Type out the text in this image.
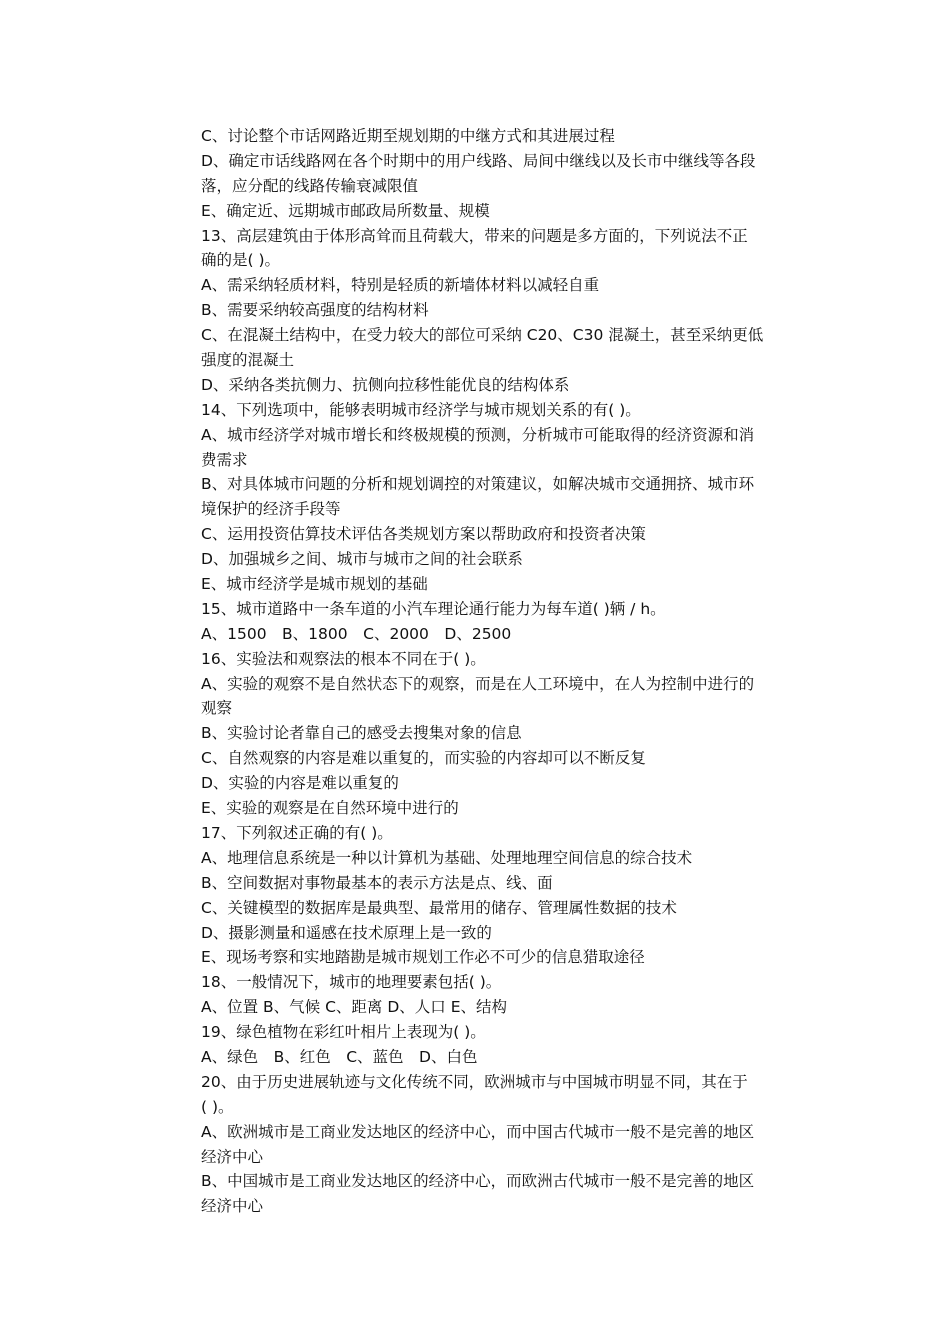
C、讨论整个市话网路近期至规划期的中继方式和其进展过程
D、确定市话线路网在各个时期中的用户线路、局间中继线以及长市中继线等各段
落，应分配的线路传输衰减限值
E、确定近、远期城市邮政局所数量、规模
13、高层建筑由于体形高耸而且荷载大，带来的问题是多方面的，下列说法不正
确的是( )。
A、需采纳轻质材料，特别是轻质的新墙体材料以减轻自重
B、需要采纳较高强度的结构材料
C、在混凝土结构中，在受力较大的部位可采纳 C20、C30 混凝土，甚至采纳更低
强度的混凝土
D、采纳各类抗侧力、抗侧向拉移性能优良的结构体系
14、下列选项中，能够表明城市经济学与城市规划关系的有( )。
A、城市经济学对城市增长和终极规模的预测，分析城市可能取得的经济资源和消
费需求
B、对具体城市问题的分析和规划调控的对策建议，如解决城市交通拥挤、城市环
境保护的经济手段等
C、运用投资估算技术评估各类规划方案以帮助政府和投资者决策
D、加强城乡之间、城市与城市之间的社会联系
E、城市经济学是城市规划的基础
15、城市道路中一条车道的小汽车理论通行能力为每车道( )辆 / h。
A、1500　B、1800　C、2000　D、2500
16、实验法和观察法的根本不同在于( )。
A、实验的观察不是自然状态下的观察，而是在人工环境中，在人为控制中进行的
观察
B、实验讨论者靠自己的感受去搜集对象的信息
C、自然观察的内容是难以重复的，而实验的内容却可以不断反复
D、实验的内容是难以重复的
E、实验的观察是在自然环境中进行的
17、下列叙述正确的有( )。
A、地理信息系统是一种以计算机为基础、处理地理空间信息的综合技术
B、空间数据对事物最基本的表示方法是点、线、面
C、关键模型的数据库是最典型、最常用的储存、管理属性数据的技术
D、摄影测量和遥感在技术原理上是一致的
E、现场考察和实地踏勘是城市规划工作必不可少的信息猎取途径
18、一般情况下，城市的地理要素包括( )。
A、位置 B、气候 C、距离 D、人口 E、结构
19、绿色植物在彩红叶相片上表现为( )。
A、绿色　B、红色　C、蓝色　D、白色
20、由于历史进展轨迹与文化传统不同，欧洲城市与中国城市明显不同，其在于
( )。
A、欧洲城市是工商业发达地区的经济中心，而中国古代城市一般不是完善的地区
经济中心
B、中国城市是工商业发达地区的经济中心，而欧洲古代城市一般不是完善的地区
经济中心
